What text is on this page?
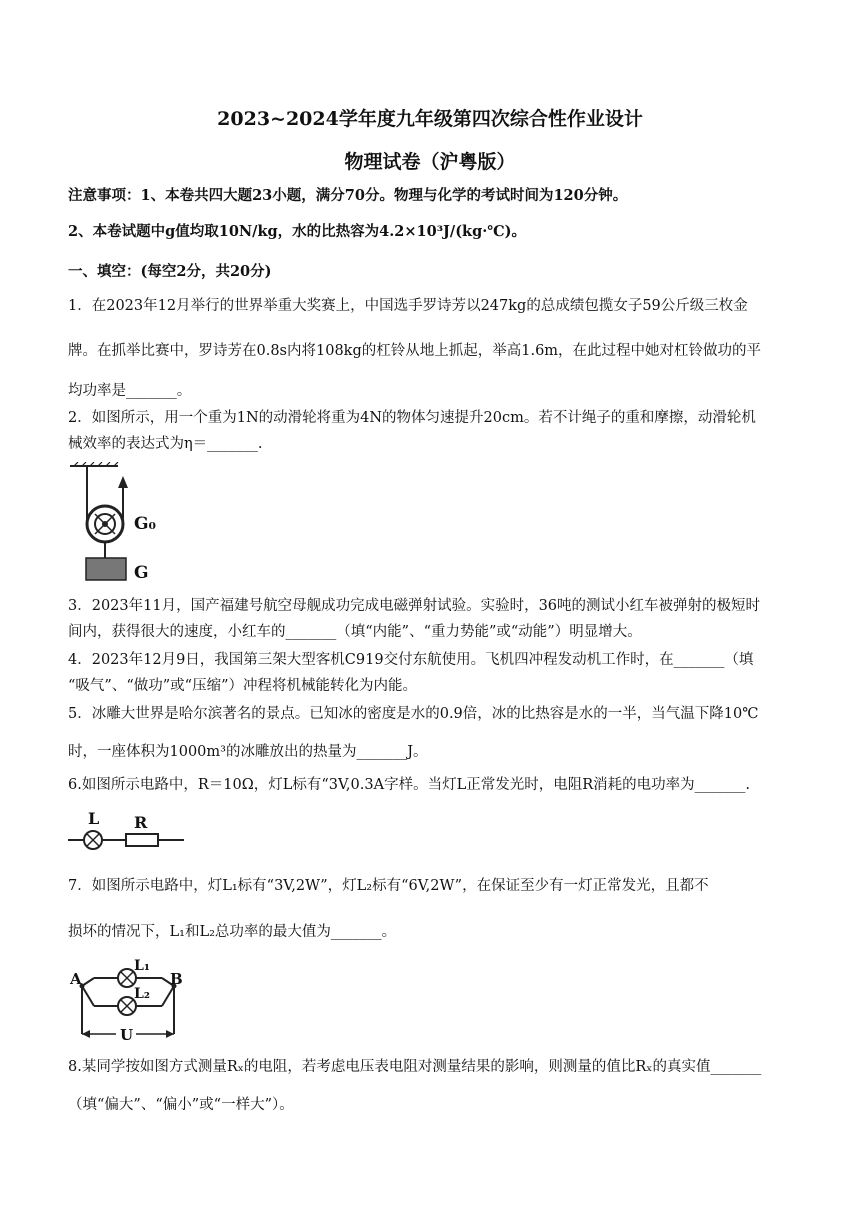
2023~2024学年度九年级第四次综合性作业设计
物理试卷（沪粤版）
注意事项：1、本卷共四大题23小题，满分70分。物理与化学的考试时间为120分钟。
2、本卷试题中g值均取10N/kg，水的比热容为4.2×10³J/(kg·℃)。
一、填空：(每空2分，共20分)
1．在2023年12月举行的世界举重大奖赛上，中国选手罗诗芳以247kg的总成绩包揽女子59公斤级三枚金
牌。在抓举比赛中，罗诗芳在0.8s内将108kg的杠铃从地上抓起，举高1.6m，在此过程中她对杠铃做功的平
均功率是_______。
2．如图所示，用一个重为1N的动滑轮将重为4N的物体匀速提升20cm。若不计绳子的重和摩擦，动滑轮机
械效率的表达式为η＝_______.
G₀
G
3．2023年11月，国产福建号航空母舰成功完成电磁弹射试验。实验时，36吨的测试小红车被弹射的极短时
间内，获得很大的速度，小红车的_______（填“内能”、“重力势能”或“动能”）明显增大。
4．2023年12月9日，我国第三架大型客机C919交付东航使用。飞机四冲程发动机工作时，在_______（填
“吸气”、“做功”或“压缩”）冲程将机械能转化为内能。
5．冰雕大世界是哈尔滨著名的景点。已知冰的密度是水的0.9倍，冰的比热容是水的一半，当气温下降10℃
时，一座体积为1000m³的冰雕放出的热量为_______J。
6.如图所示电路中，R＝10Ω，灯L标有“3V,0.3A字样。当灯L正常发光时，电阻R消耗的电功率为_______.
L R
7．如图所示电路中，灯L₁标有“3V,2W”，灯L₂标有“6V,2W”，在保证至少有一灯正常发光，且都不
损坏的情况下，L₁和L₂总功率的最大值为_______。
A	B
L₁
L₂
U
8.某同学按如图方式测量Rₓ的电阻，若考虑电压表电阻对测量结果的影响，则测量的值比Rₓ的真实值_______
（填“偏大”、“偏小”或“一样大”）。
